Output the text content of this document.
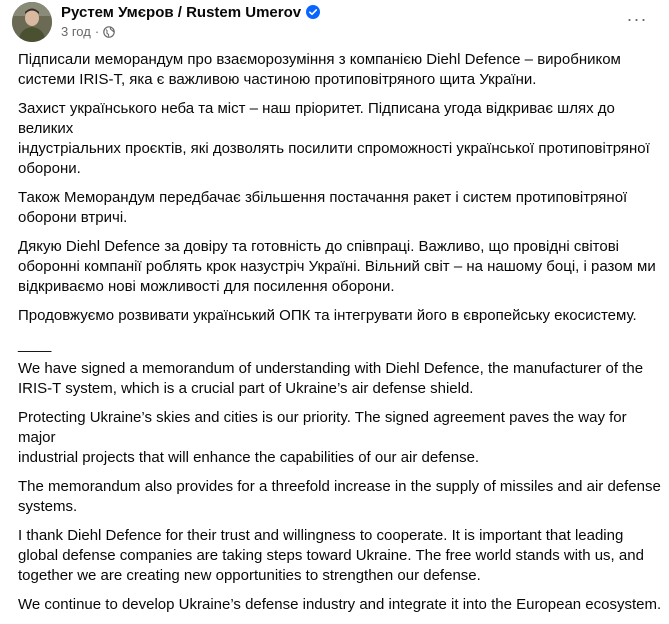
Рустем Умєров / Rustem Umerov
3 год ·
···

Підписали меморандум про взаєморозуміння з компанією Diehl Defence – виробником
системи IRIS-T, яка є важливою частиною протиповітряного щита України.

Захист українського неба та міст – наш пріоритет. Підписана угода відкриває шлях до великих
індустріальних проєктів, які дозволять посилити спроможності української протиповітряної
оборони.

Також Меморандум передбачає збільшення постачання ракет і систем протиповітряної
оборони втричі.

Дякую Diehl Defence за довіру та готовність до співпраці. Важливо, що провідні світові
оборонні компанії роблять крок назустріч Україні. Вільний світ – на нашому боці, і разом ми
відкриваємо нові можливості для посилення оборони.

Продовжуємо розвивати український ОПК та інтегрувати його в європейську екосистему.

____

We have signed a memorandum of understanding with Diehl Defence, the manufacturer of the
IRIS-T system, which is a crucial part of Ukraine’s air defense shield.

Protecting Ukraine’s skies and cities is our priority. The signed agreement paves the way for major
industrial projects that will enhance the capabilities of our air defense.

The memorandum also provides for a threefold increase in the supply of missiles and air defense
systems.

I thank Diehl Defence for their trust and willingness to cooperate. It is important that leading
global defense companies are taking steps toward Ukraine. The free world stands with us, and
together we are creating new opportunities to strengthen our defense.

We continue to develop Ukraine’s defense industry and integrate it into the European ecosystem.
